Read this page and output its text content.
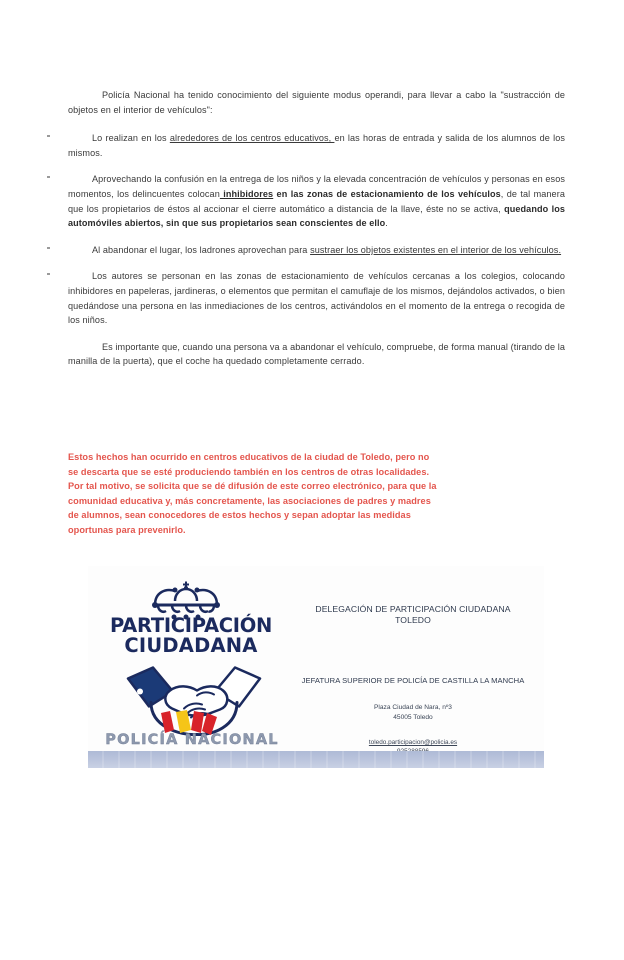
Policía Nacional ha tenido conocimiento del siguiente modus operandi, para llevar a cabo la "sustracción de objetos en el interior de vehículos":

Lo realizan en los alrededores de los centros educativos, en las horas de entrada y salida de los alumnos de los mismos.

Aprovechando la confusión en la entrega de los niños y la elevada concentración de vehículos y personas en esos momentos, los delincuentes colocan inhibidores en las zonas de estacionamiento de los vehículos, de tal manera que los propietarios de éstos al accionar el cierre automático a distancia de la llave, éste no se activa, quedando los automóviles abiertos, sin que sus propietarios sean conscientes de ello.

Al abandonar el lugar, los ladrones aprovechan para sustraer los objetos existentes en el interior de los vehículos.

Los autores se personan en las zonas de estacionamiento de vehículos cercanas a los colegios, colocando inhibidores en papeleras, jardineras, o elementos que permitan el camuflaje de los mismos, dejándolos activados, o bien quedándose una persona en las inmediaciones de los centros, activándolos en el momento de la entrega o recogida de los niños.

Es importante que, cuando una persona va a abandonar el vehículo, compruebe, de forma manual (tirando de la manilla de la puerta), que el coche ha quedado completamente cerrado.

Estos hechos han ocurrido en centros educativos de la ciudad de Toledo, pero no
se descarta que se esté produciendo también en los centros de otras localidades.
Por tal motivo, se solicita que se dé difusión de este correo electrónico, para que la
comunidad educativa y, más concretamente, las asociaciones de padres y madres
de alumnos, sean conocedores de estos hechos y sepan adoptar las medidas
oportunas para prevenirlo.
PARTICIPACIÓN
CIUDADANA
POLICÍA NACIONAL
DELEGACIÓN DE PARTICIPACIÓN CIUDADANA
TOLEDO
JEFATURA SUPERIOR DE POLICÍA DE CASTILLA LA MANCHA
Plaza Ciudad de Nara, nº3
45005 Toledo
toledo.participacion@policia.es
